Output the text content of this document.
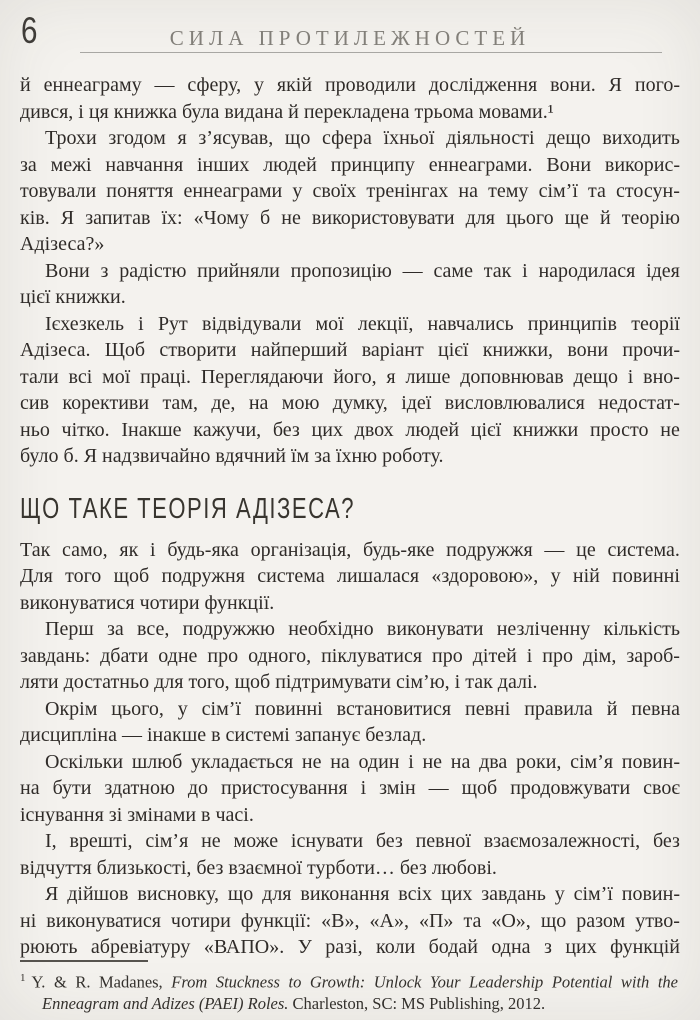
6	СИЛА ПРОТИЛЕЖНОСТЕЙ
й еннеаграму — сферу, у якій проводили дослідження вони. Я пого-
дився, і ця книжка була видана й перекладена трьома мовами.¹
Трохи згодом я з’ясував, що сфера їхньої діяльності дещо виходить
за межі навчання інших людей принципу еннеаграми. Вони викорис-
товували поняття еннеаграми у своїх тренінгах на тему сім’ї та стосун-
ків. Я запитав їх: «Чому б не використовувати для цього ще й теорію
Адізеса?»
Вони з радістю прийняли пропозицію — саме так і народилася ідея
цієї книжки.
Ієхезкель і Рут відвідували мої лекції, навчались принципів теорії
Адізеса. Щоб створити найперший варіант цієї книжки, вони прочи-
тали всі мої праці. Переглядаючи його, я лише доповнював дещо і вно-
сив корективи там, де, на мою думку, ідеї висловлювалися недостат-
ньо чітко. Інакше кажучи, без цих двох людей цієї книжки просто не
було б. Я надзвичайно вдячний їм за їхню роботу.
ЩО ТАКЕ ТЕОРІЯ АДІЗЕСА?
Так само, як і будь-яка організація, будь-яке подружжя — це система.
Для того щоб подружня система лишалася «здоровою», у ній повинні
виконуватися чотири функції.
Перш за все, подружжю необхідно виконувати незліченну кількість
завдань: дбати одне про одного, піклуватися про дітей і про дім, зароб-
ляти достатньо для того, щоб підтримувати сім’ю, і так далі.
Окрім цього, у сім’ї повинні встановитися певні правила й певна
дисципліна — інакше в системі запанує безлад.
Оскільки шлюб укладається не на один і не на два роки, сім’я повин-
на бути здатною до пристосування і змін — щоб продовжувати своє
існування зі змінами в часі.
І, врешті, сім’я не може існувати без певної взаємозалежності, без
відчуття близькості, без взаємної турботи… без любові.
Я дійшов висновку, що для виконання всіх цих завдань у сім’ї повин-
ні виконуватися чотири функції: «В», «А», «П» та «О», що разом утво-
рюють абревіатуру «ВАПО». У разі, коли бодай одна з цих функцій

$^1$ Y. & R. Madanes, From Stuckness to Growth: Unlock Your Leadership Potential with the Enneagram and Adizes (PAEI) Roles. Charleston, SC: MS Publishing, 2012.
